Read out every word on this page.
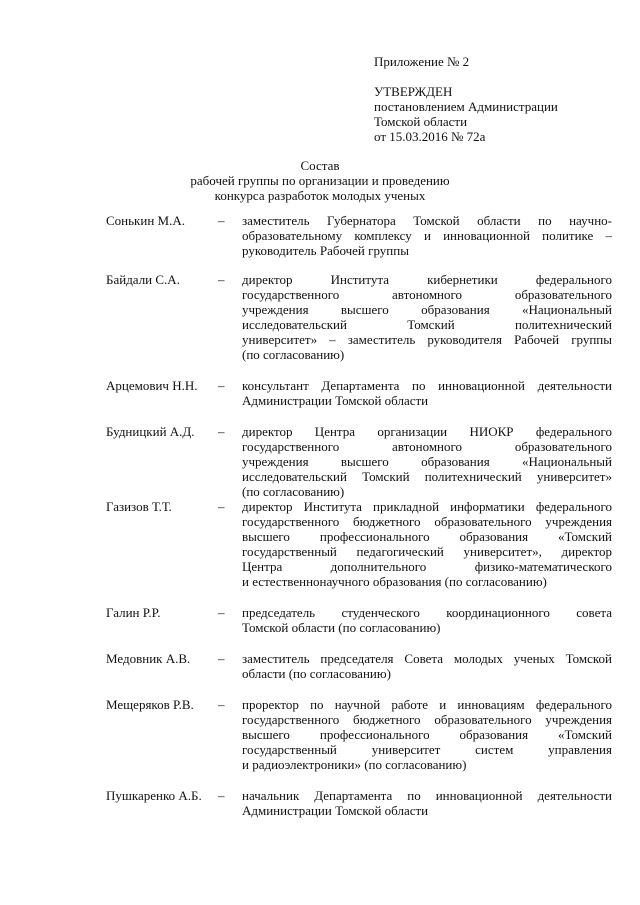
Приложение № 2
УТВЕРЖДЕН
постановлением Администрации
Томской области
от 15.03.2016 № 72а
Состав
рабочей группы по организации и проведению
конкурса разработок молодых ученых
Сонькин М.А.	–	заместитель Губернатора Томской области по научно-
образовательному комплексу и инновационной политике –
руководитель Рабочей группы
Байдали С.А.	–	директор Института кибернетики федерального
государственного автономного образовательного
учреждения высшего образования «Национальный
исследовательский Томский политехнический
университет» – заместитель руководителя Рабочей группы
(по согласованию)
Арцемович Н.Н.	–	консультант Департамента по инновационной деятельности
Администрации Томской области
Будницкий А.Д.	–	директор Центра организации НИОКР федерального
государственного автономного образовательного
учреждения высшего образования «Национальный
исследовательский Томский политехнический университет»
(по согласованию)
Газизов Т.Т.	–	директор Института прикладной информатики федерального
государственного бюджетного образовательного учреждения
высшего профессионального образования «Томский
государственный педагогический университет», директор
Центра дополнительного физико-математического
и естественнонаучного образования (по согласованию)
Галин Р.Р.	–	председатель студенческого координационного совета
Томской области (по согласованию)
Медовник А.В.	–	заместитель председателя Совета молодых ученых Томской
области (по согласованию)
Мещеряков Р.В.	–	проректор по научной работе и инновациям федерального
государственного бюджетного образовательного учреждения
высшего профессионального образования «Томский
государственный университет систем управления
и радиоэлектроники» (по согласованию)
Пушкаренко А.Б.	–	начальник Департамента по инновационной деятельности
Администрации Томской области
